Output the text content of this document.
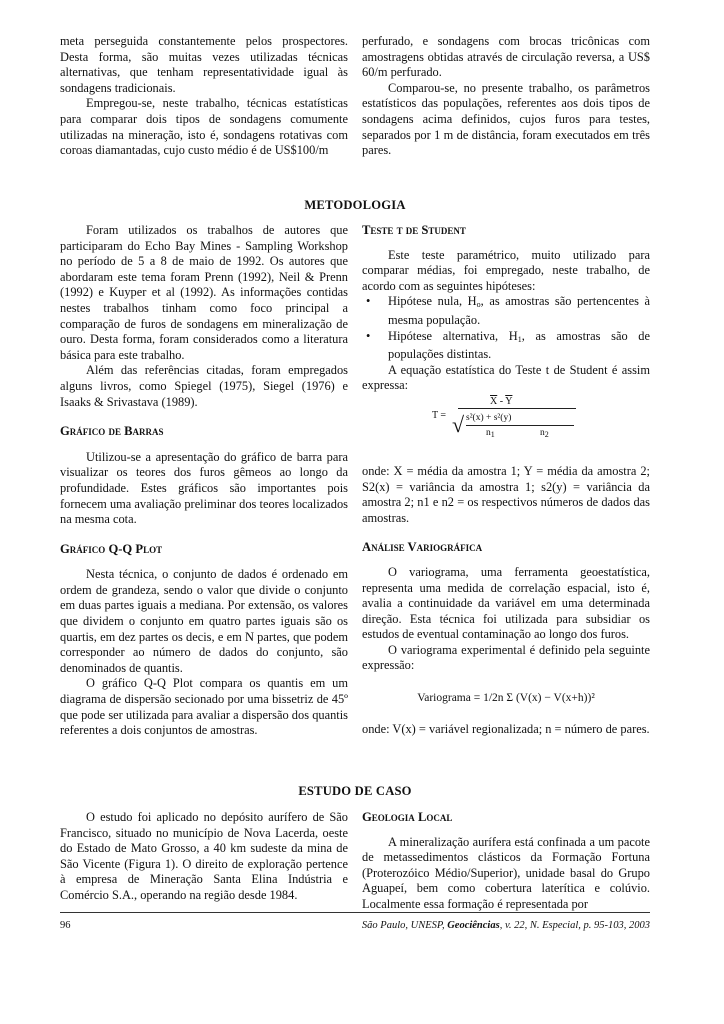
meta perseguida constantemente pelos prospectores. Desta forma, são muitas vezes utilizadas técnicas alternativas, que tenham representatividade igual às sondagens tradicionais.

Empregou-se, neste trabalho, técnicas estatísticas para comparar dois tipos de sondagens comumente utilizadas na mineração, isto é, sondagens rotativas com coroas diamantadas, cujo custo médio é de US$100/m

perfurado, e sondagens com brocas tricônicas com amostragens obtidas através de circulação reversa, a US$ 60/m perfurado.

Comparou-se, no presente trabalho, os parâmetros estatísticos das populações, referentes aos dois tipos de sondagens acima definidos, cujos furos para testes, separados por 1 m de distância, foram executados em três pares.

METODOLOGIA

Foram utilizados os trabalhos de autores que participaram do Echo Bay Mines - Sampling Workshop no período de 5 a 8 de maio de 1992. Os autores que abordaram este tema foram Prenn (1992), Neil & Prenn (1992) e Kuyper et al (1992). As informações contidas nestes trabalhos tinham como foco principal a comparação de furos de sondagens em mineralização de ouro. Desta forma, foram considerados como a literatura básica para este trabalho.

Além das referências citadas, foram empregados alguns livros, como Spiegel (1975), Siegel (1976) e Isaaks & Srivastava (1989).

Gráfico de Barras

Utilizou-se a apresentação do gráfico de barra para visualizar os teores dos furos gêmeos ao longo da profundidade. Estes gráficos são importantes pois fornecem uma avaliação preliminar dos teores localizados na mesma cota.

Gráfico Q-Q Plot

Nesta técnica, o conjunto de dados é ordenado em ordem de grandeza, sendo o valor que divide o conjunto em duas partes iguais a mediana. Por extensão, os valores que dividem o conjunto em quatro partes iguais são os quartis, em dez partes os decis, e em N partes, que podem corresponder ao número de dados do conjunto, são denominados de quantis.

O gráfico Q-Q Plot compara os quantis em um diagrama de dispersão secionado por uma bissetriz de 45º que pode ser utilizada para avaliar a dispersão dos quantis referentes a dois conjuntos de amostras.

Teste t de Student

Este teste paramétrico, muito utilizado para comparar médias, foi empregado, neste trabalho, de acordo com as seguintes hipóteses:

• Hipótese nula, $H_o$, as amostras são pertencentes à mesma população.
• Hipótese alternativa, $H_1$, as amostras são de populações distintas.

A equação estatística do Teste t de Student é assim expressa:

T =
$\overline{X} - \overline{Y}$
s²(x) + s²(y)
√ $n_1$	$n_2$

onde: X = média da amostra 1; Y = média da amostra 2; S2(x) = variância da amostra 1; s2(y) = variância da amostra 2; n1 e n2 = os respectivos números de dados das amostras.

Análise Variográfica

O variograma, uma ferramenta geoestatística, representa uma medida de correlação espacial, isto é, avalia a continuidade da variável em uma determinada direção. Esta técnica foi utilizada para subsidiar os estudos de eventual contaminação ao longo dos furos.

O variograma experimental é definido pela seguinte expressão:

Variograma = 1/2n Σ (V(x) − V(x+h))²

onde: V(x) = variável regionalizada; n = número de pares.

ESTUDO DE CASO

O estudo foi aplicado no depósito aurífero de São Francisco, situado no município de Nova Lacerda, oeste do Estado de Mato Grosso, a 40 km sudeste da mina de São Vicente (Figura 1). O direito de exploração pertence à empresa de Mineração Santa Elina Indústria e Comércio S.A., operando na região desde 1984.

Geologia Local

A mineralização aurífera está confinada a um pacote de metassedimentos clásticos da Formação Fortuna (Proterozóico Médio/Superior), unidade basal do Grupo Aguapeí, bem como cobertura laterítica e colúvio. Localmente essa formação é representada por

96	São Paulo, UNESP, Geociências, v. 22, N. Especial, p. 95-103, 2003
